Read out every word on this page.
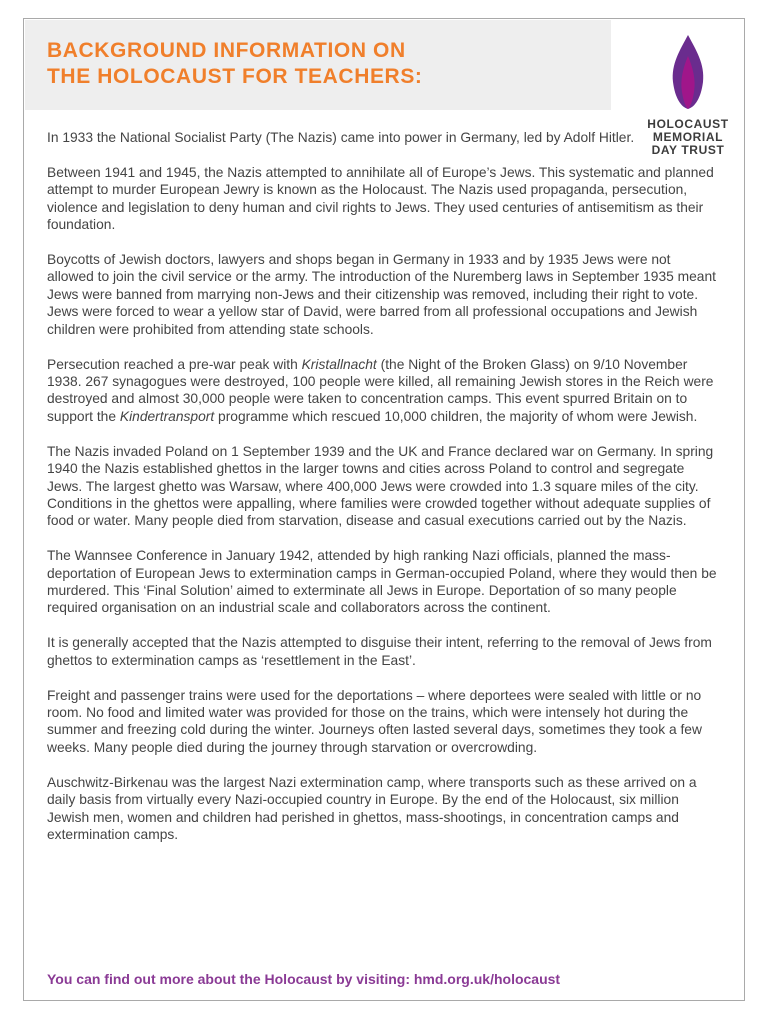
BACKGROUND INFORMATION ON
THE HOLOCAUST FOR TEACHERS:
HOLOCAUST
MEMORIAL
DAY TRUST

In 1933 the National Socialist Party (The Nazis) came into power in Germany, led by Adolf Hitler.

Between 1941 and 1945, the Nazis attempted to annihilate all of Europe’s Jews. This systematic and planned attempt to murder European Jewry is known as the Holocaust. The Nazis used propaganda, persecution, violence and legislation to deny human and civil rights to Jews. They used centuries of antisemitism as their foundation.

Boycotts of Jewish doctors, lawyers and shops began in Germany in 1933 and by 1935 Jews were not allowed to join the civil service or the army. The introduction of the Nuremberg laws in September 1935 meant Jews were banned from marrying non-Jews and their citizenship was removed, including their right to vote. Jews were forced to wear a yellow star of David, were barred from all professional occupations and Jewish children were prohibited from attending state schools.

Persecution reached a pre-war peak with Kristallnacht (the Night of the Broken Glass) on 9/10 November 1938. 267 synagogues were destroyed, 100 people were killed, all remaining Jewish stores in the Reich were destroyed and almost 30,000 people were taken to concentration camps. This event spurred Britain on to support the Kindertransport programme which rescued 10,000 children, the majority of whom were Jewish.

The Nazis invaded Poland on 1 September 1939 and the UK and France declared war on Germany. In spring 1940 the Nazis established ghettos in the larger towns and cities across Poland to control and segregate Jews. The largest ghetto was Warsaw, where 400,000 Jews were crowded into 1.3 square miles of the city. Conditions in the ghettos were appalling, where families were crowded together without adequate supplies of food or water. Many people died from starvation, disease and casual executions carried out by the Nazis.

The Wannsee Conference in January 1942, attended by high ranking Nazi officials, planned the mass-deportation of European Jews to extermination camps in German-occupied Poland, where they would then be murdered. This ‘Final Solution’ aimed to exterminate all Jews in Europe. Deportation of so many people required organisation on an industrial scale and collaborators across the continent.

It is generally accepted that the Nazis attempted to disguise their intent, referring to the removal of Jews from ghettos to extermination camps as ‘resettlement in the East’.

Freight and passenger trains were used for the deportations – where deportees were sealed with little or no room. No food and limited water was provided for those on the trains, which were intensely hot during the summer and freezing cold during the winter. Journeys often lasted several days, sometimes they took a few weeks. Many people died during the journey through starvation or overcrowding.

Auschwitz-Birkenau was the largest Nazi extermination camp, where transports such as these arrived on a daily basis from virtually every Nazi-occupied country in Europe. By the end of the Holocaust, six million Jewish men, women and children had perished in ghettos, mass-shootings, in concentration camps and extermination camps.

You can find out more about the Holocaust by visiting: hmd.org.uk/holocaust
